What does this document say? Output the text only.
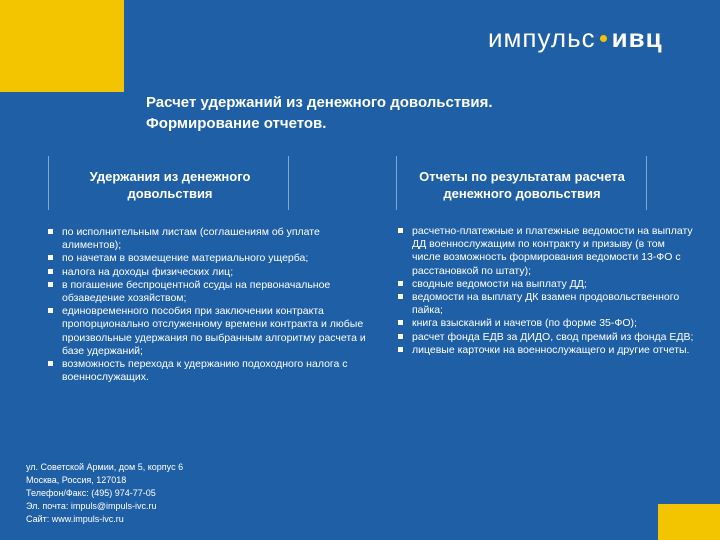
импульс ивц
Расчет удержаний из денежного довольствия.
Формирование отчетов.
Удержания из денежного
довольствия
Отчеты по результатам расчета
денежного довольствия
по исполнительным листам (соглашениям об уплате алиментов);
по начетам в возмещение материального ущерба;
налога на доходы физических лиц;
в погашение беспроцентной ссуды на первоначальное обзаведение хозяйством;
единовременного пособия при заключении контракта пропорционально отслуженному времени контракта и любые произвольные удержания по выбранным алгоритму расчета и базе удержаний;
возможность перехода к удержанию подоходного налога с военнослужащих.
расчетно-платежные и платежные ведомости на выплату ДД военнослужащим по контракту и призыву (в том числе возможность формирования ведомости 13-ФО с расстановкой по штату);
сводные ведомости на выплату ДД;
ведомости на выплату ДК взамен продовольственного пайка;
книга взысканий и начетов (по форме 35-ФО);
расчет фонда ЕДВ за ДИДО, свод премий из фонда ЕДВ;
лицевые карточки на военнослужащего и другие отчеты.
ул. Советской Армии, дом 5, корпус 6
Москва, Россия, 127018
Телефон/Факс: (495) 974-77-05
Эл. почта: impuls@impuls-ivc.ru
Сайт: www.impuls-ivc.ru
